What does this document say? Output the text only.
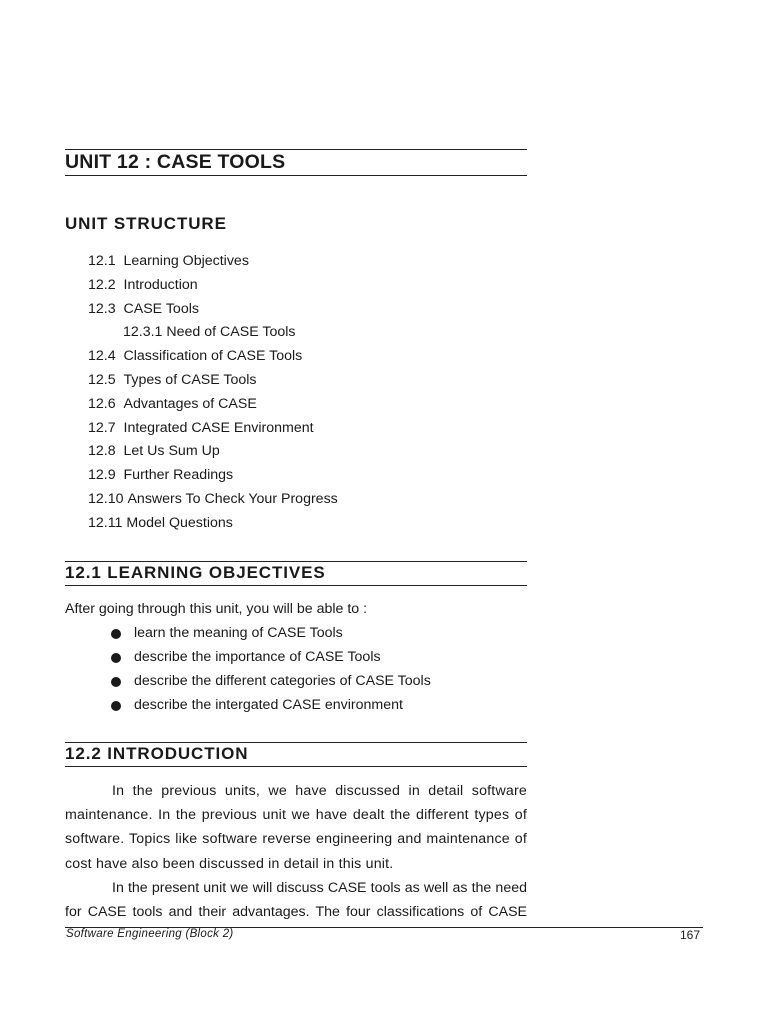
UNIT 12 : CASE TOOLS
UNIT STRUCTURE
12.1 Learning Objectives
12.2 Introduction
12.3 CASE Tools
12.3.1 Need of CASE Tools
12.4 Classification of CASE Tools
12.5 Types of CASE Tools
12.6 Advantages of CASE
12.7 Integrated CASE Environment
12.8 Let Us Sum Up
12.9 Further Readings
12.10 Answers To Check Your Progress
12.11 Model Questions
12.1 LEARNING OBJECTIVES
After going through this unit, you will be able to :
learn the meaning of CASE Tools
describe the importance of CASE Tools
describe the different categories of CASE Tools
describe the intergated CASE environment
12.2 INTRODUCTION

In the previous units, we have discussed in detail software maintenance. In the previous unit we have dealt the different types of software. Topics like software reverse engineering and maintenance of cost have also been discussed in detail in this unit.

In the present unit we will discuss CASE tools as well as the need for CASE tools and their advantages. The four classifications of CASE

Software Engineering (Block 2)	167
